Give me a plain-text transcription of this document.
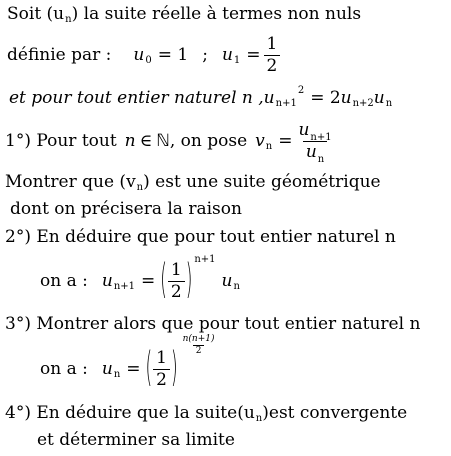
Soit (u n ) la suite réelle à termes non nuls
définie par : u 0 = 1 ; u $1 = \frac{1}{2}$
et pour tout entier naturel n , u n+1
2 = 2 u n+2 u n
1°) Pour tout n ∈ ℕ , on pose v $n = \frac{u_{n+1}}{u_n}$
Montrer que (v n ) est une suite géométrique
dont on précisera la raison
2°) En déduire que pour tout entier naturel n
on a : u n+1 = ( $\frac{1}{2}$ ) n+1
u n
3°) Montrer alors que pour tout entier naturel n
on a : u n = ( $\frac{1}{2}$ ) $\frac{n(n+1)}{2}$
4°) En déduire que la suite (u n ) est convergente
et déterminer sa limite
